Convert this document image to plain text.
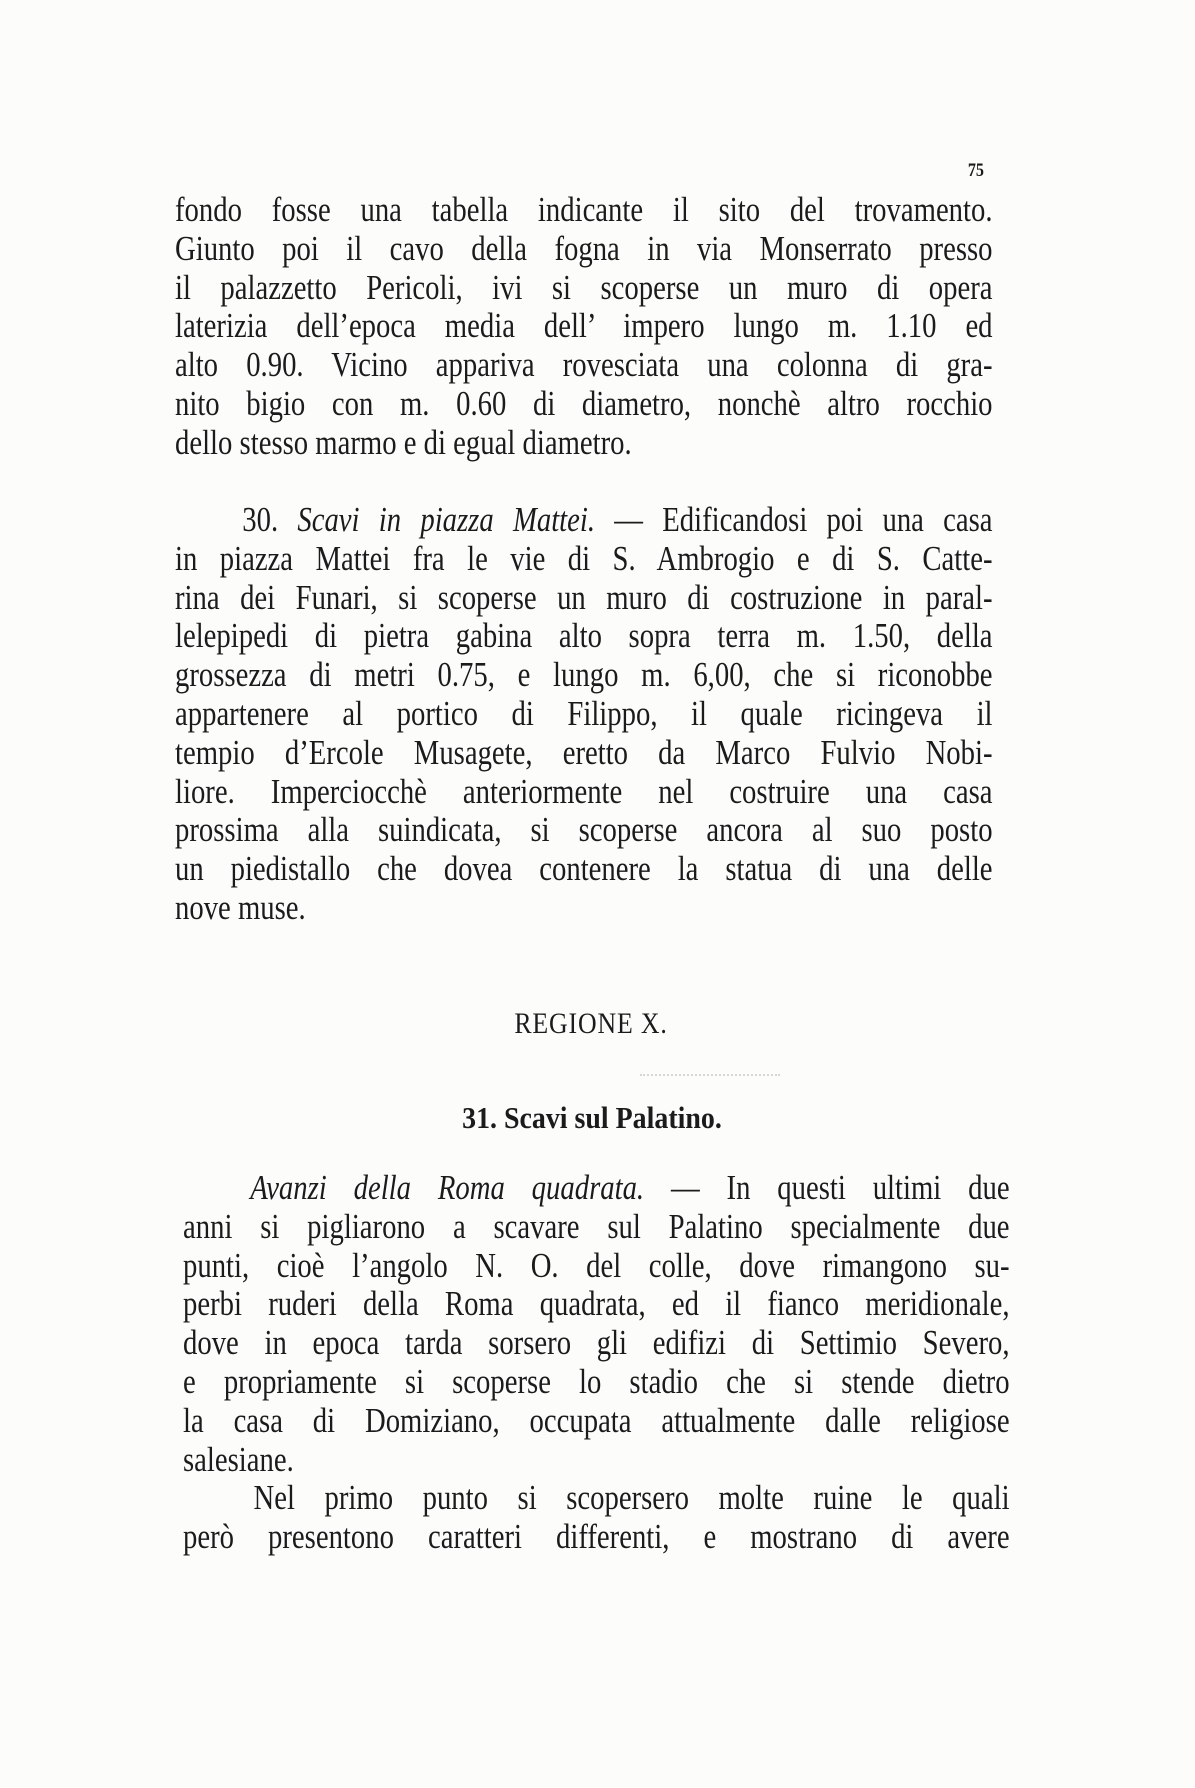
75
fondo fosse una tabella indicante il sito del trovamento.
Giunto poi il cavo della fogna in via Monserrato presso
il palazzetto Pericoli, ivi si scoperse un muro di opera
laterizia dell’epoca media dell’ impero lungo m. 1.10 ed
alto 0.90. Vicino appariva rovesciata una colonna di gra-
nito bigio con m. 0.60 di diametro, nonchè altro rocchio
dello stesso marmo e di egual diametro.
30. Scavi in piazza Mattei. — Edificandosi poi una casa
in piazza Mattei fra le vie di S. Ambrogio e di S. Catte-
rina dei Funari, si scoperse un muro di costruzione in paral-
lelepipedi di pietra gabina alto sopra terra m. 1.50, della
grossezza di metri 0.75, e lungo m. 6,00, che si riconobbe
appartenere al portico di Filippo, il quale ricingeva il
tempio d’Ercole Musagete, eretto da Marco Fulvio Nobi-
liore. Imperciocchè anteriormente nel costruire una casa
prossima alla suindicata, si scoperse ancora al suo posto
un piedistallo che dovea contenere la statua di una delle
nove muse.
REGIONE X.
31. Scavi sul Palatino.
Avanzi della Roma quadrata. — In questi ultimi due
anni si pigliarono a scavare sul Palatino specialmente due
punti, cioè l’angolo N. O. del colle, dove rimangono su-
perbi ruderi della Roma quadrata, ed il fianco meridionale,
dove in epoca tarda sorsero gli edifizi di Settimio Severo,
e propriamente si scoperse lo stadio che si stende dietro
la casa di Domiziano, occupata attualmente dalle religiose
salesiane.
Nel primo punto si scopersero molte ruine le quali
però presentono caratteri differenti, e mostrano di avere
